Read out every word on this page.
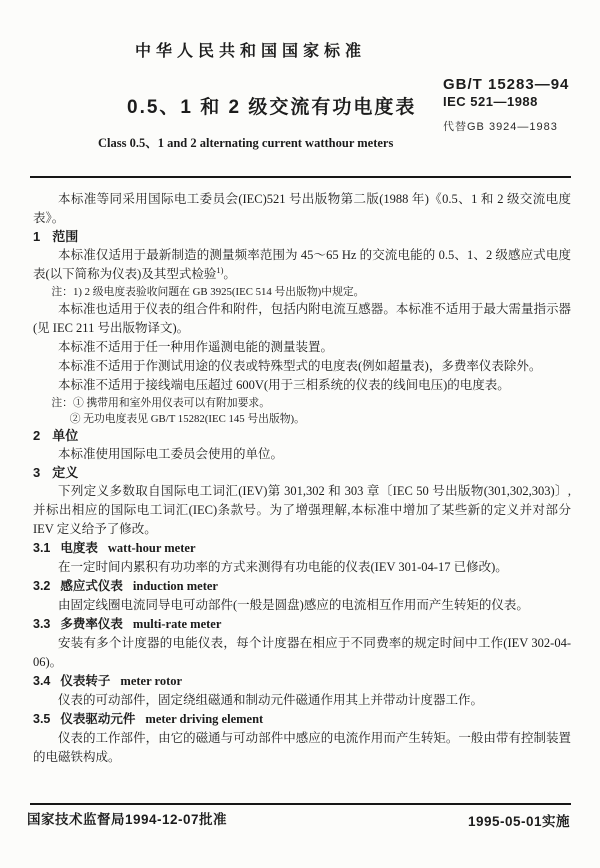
中华人民共和国国家标准
GB/T 15283—94
IEC 521—1988
代替GB 3924—1983
0.5、1 和 2 级交流有功电度表
Class 0.5、1 and 2 alternating current watthour meters

本标准等同采用国际电工委员会(IEC)521 号出版物第二版(1988 年)《0.5、1 和 2 级交流电度表》。

1 范围

本标准仅适用于最新制造的测量频率范围为 45～65 Hz 的交流电能的 0.5、1、2 级感应式电度表(以下简称为仪表)及其型式检验$^{1)}$。

注：1) 2 级电度表验收问题在 GB 3925(IEC 514 号出版物)中规定。

本标准也适用于仪表的组合件和附件，包括内附电流互感器。本标准不适用于最大需量指示器(见 IEC 211 号出版物译文)。

本标准不适用于任一种用作遥测电能的测量装置。

本标准不适用于作测试用途的仪表或特殊型式的电度表(例如超量表)，多费率仪表除外。

本标准不适用于接线端电压超过 600V(用于三相系统的仪表的线间电压)的电度表。

注：① 携带用和室外用仪表可以有附加要求。

② 无功电度表见 GB/T 15282(IEC 145 号出版物)。

2 单位

本标准使用国际电工委员会使用的单位。

3 定义

下列定义多数取自国际电工词汇(IEV)第 301,302 和 303 章〔IEC 50 号出版物(301,302,303)〕,并标出相应的国际电工词汇(IEC)条款号。为了增强理解,本标准中增加了某些新的定义并对部分 IEV 定义给予了修改。

3.1 电度表 watt-hour meter

在一定时间内累积有功功率的方式来测得有功电能的仪表(IEV 301-04-17 已修改)。

3.2 感应式仪表 induction meter

由固定线圈电流同导电可动部件(一般是圆盘)感应的电流相互作用而产生转矩的仪表。

3.3 多费率仪表 multi-rate meter

安装有多个计度器的电能仪表，每个计度器在相应于不同费率的规定时间中工作(IEV 302-04-06)。

3.4 仪表转子 meter rotor

仪表的可动部件，固定绕组磁通和制动元件磁通作用其上并带动计度器工作。

3.5 仪表驱动元件 meter driving element

仪表的工作部件，由它的磁通与可动部件中感应的电流作用而产生转矩。一般由带有控制装置的电磁铁构成。

国家技术监督局1994-12-07批准	1995-05-01实施
